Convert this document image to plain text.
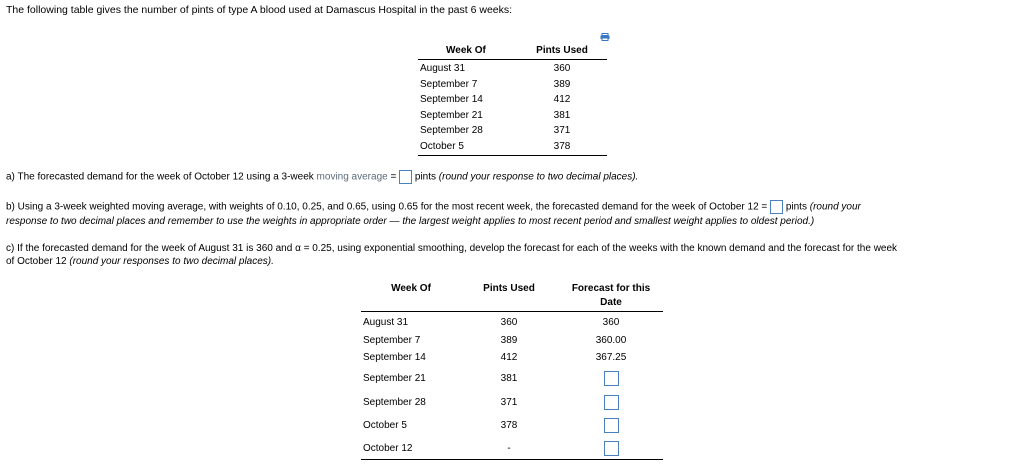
The following table gives the number of pints of type A blood used at Damascus Hospital in the past 6 weeks:
Week Of	Pints Used
August 31	360
September 7	389
September 14	412
September 21	381
September 28	371
October 5	378
a) The forecasted demand for the week of October 12 using a 3-week moving average =  pints (round your response to two decimal places).
b) Using a 3-week weighted moving average, with weights of 0.10, 0.25, and 0.65, using 0.65 for the most recent week, the forecasted demand for the week of October 12 =  pints (round your
response to two decimal places and remember to use the weights in appropriate order — the largest weight applies to most recent period and smallest weight applies to oldest period.)
c) If the forecasted demand for the week of August 31 is 360 and α = 0.25, using exponential smoothing, develop the forecast for each of the weeks with the known demand and the forecast for the week
of October 12 (round your responses to two decimal places).
Week Of	Pints Used	Forecast for this
Date
August 31	360	360
September 7	389	360.00
September 14	412	367.25
September 21	381
September 28	371
October 5	378
October 12	-
